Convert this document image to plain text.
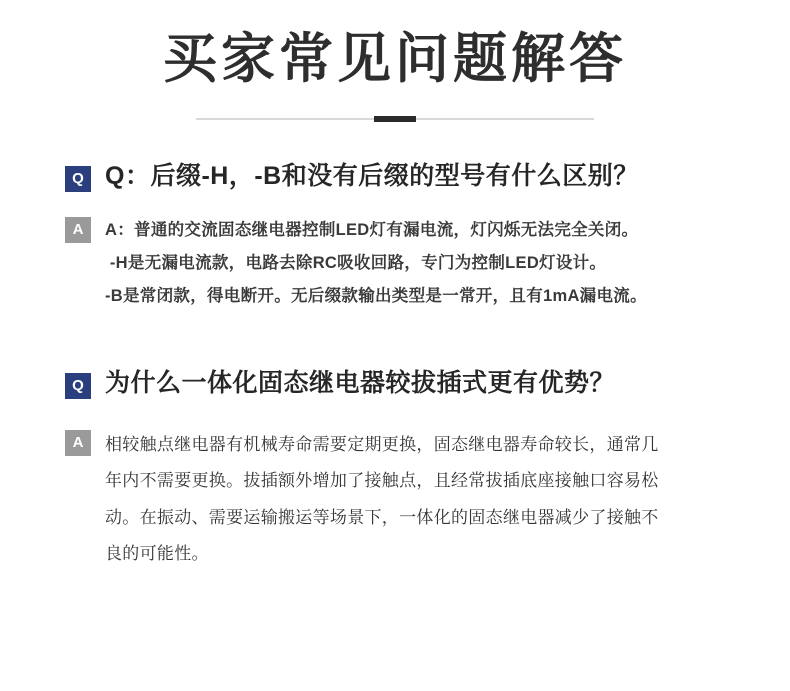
买家常见问题解答
Q Q：后缀-H，-B和没有后缀的型号有什么区别？
A	A：普通的交流固态继电器控制LED灯有漏电流，灯闪烁无法完全关闭。
-H是无漏电流款，电路去除RC吸收回路，专门为控制LED灯设计。
-B是常闭款，得电断开。无后缀款输出类型是一常开，且有1mA漏电流。
Q 为什么一体化固态继电器较拔插式更有优势？
A	相较触点继电器有机械寿命需要定期更换，固态继电器寿命较长，通常几
年内不需要更换。拔插额外增加了接触点，且经常拔插底座接触口容易松
动。在振动、需要运输搬运等场景下，一体化的固态继电器减少了接触不
良的可能性。
